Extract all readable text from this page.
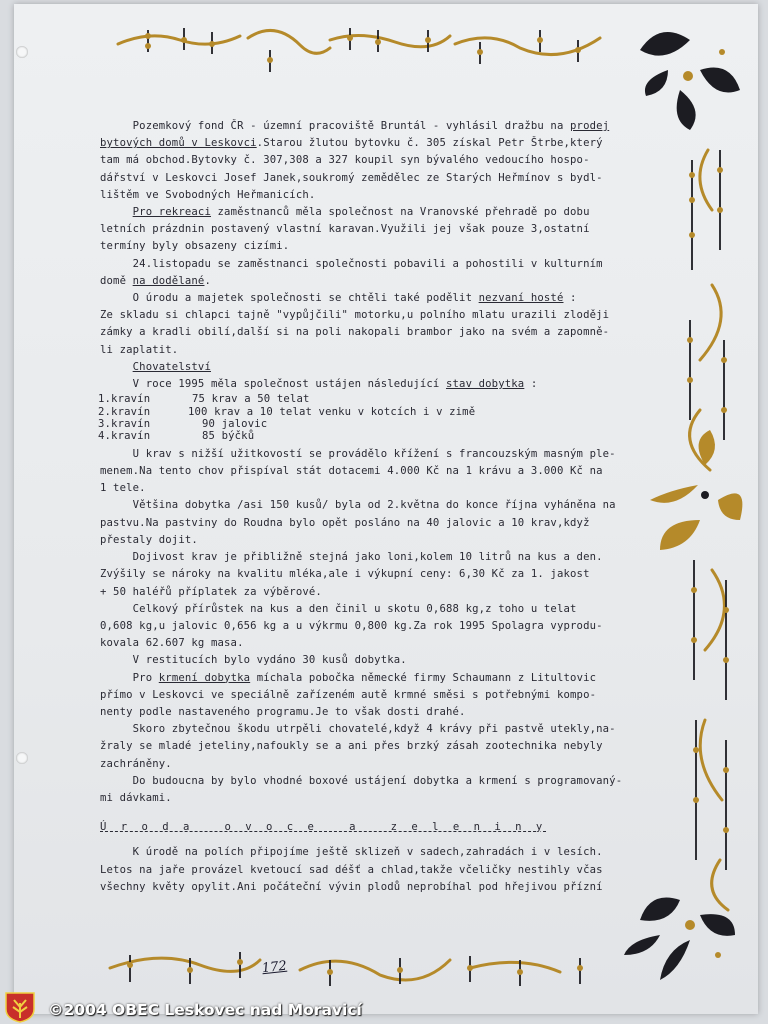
Pozemkový fond ČR - územní pracoviště Bruntál - vyhlásil dražbu na prodej
bytových domů v Leskovci.Starou žlutou bytovku č. 305 získal Petr Štrbe,který
tam má obchod.Bytovky č. 307,308 a 327 koupil syn bývalého vedoucího hospo-
dářství v Leskovci Josef Janek,soukromý zemědělec ze Starých Heřmínov s bydl-
lištěm ve Svobodných Heřmanicích.

Pro rekreaci zaměstnanců měla společnost na Vranovské přehradě po dobu
letních prázdnin postavený vlastní karavan.Využili jej však pouze 3,ostatní
termíny byly obsazeny cizími.

24.listopadu se zaměstnanci společnosti pobavili a pohostili v kulturním
domě na dodělané.

O úrodu a majetek společnosti se chtěli také podělit nezvaní hosté :
Ze skladu si chlapci tajně "vypůjčili" motorku,u polního mlatu urazili zloději
zámky a kradli obilí,další si na poli nakopali brambor jako na svém a zapomně-
li zaplatit.

Chovatelství

V roce 1995 měla společnost ustájen následující stav dobytka :

1.kravín	75 krav a 50 telat
2.kravín	100 krav a 10 telat venku v kotcích i v zimě
3.kravín	90 jalovic
4.kravín	85 býčků

U krav s nižší užitkovostí se provádělo křížení s francouzským masným ple-
menem.Na tento chov přispíval stát dotacemi 4.000 Kč na 1 krávu a 3.000 Kč na
1 tele.

Většina dobytka /asi 150 kusů/ byla od 2.května do konce října vyháněna na
pastvu.Na pastviny do Roudna bylo opět posláno na 40 jalovic a 10 krav,když
přestaly dojit.

Dojivost krav je přibližně stejná jako loni,kolem 10 litrů na kus a den.
Zvýšily se nároky na kvalitu mléka,ale i výkupní ceny: 6,30 Kč za 1. jakost
+ 50 haléřů příplatek za výběrové.

Celkový přírůstek na kus a den činil u skotu 0,688 kg,z toho u telat
0,608 kg,u jalovic 0,656 kg a u výkrmu 0,800 kg.Za rok 1995 Spolagra vyprodu-
kovala 62.607 kg masa.

V restitucích bylo vydáno 30 kusů dobytka.

Pro krmení dobytka míchala pobočka německé firmy Schaumann z Litultovic
přímo v Leskovci ve speciálně zařízeném autě krmné směsi s potřebnými kompo-
nenty podle nastaveného programu.Je to však dosti drahé.

Skoro zbytečnou škodu utrpěli chovatelé,když 4 krávy při pastvě utekly,na-
žraly se mladé jeteliny,nafoukly se a ani přes brzký zásah zootechnika nebyly
zachráněny.

Do budoucna by bylo vhodné boxové ustájení dobytka a krmení s programovaný-
mi dávkami.

Ú r o d a   o v o c e   a   z e l e n i n y

K úrodě na polích připojíme ještě sklizeň v sadech,zahradách i v lesích.
Letos na jaře provázel kvetoucí sad déšť a chlad,takže včeličky nestihly včas
všechny květy opylit.Ani počáteční vývin plodů neprobíhal pod hřejivou přízní

172
©2004 OBEC Leskovec nad Moravicí
